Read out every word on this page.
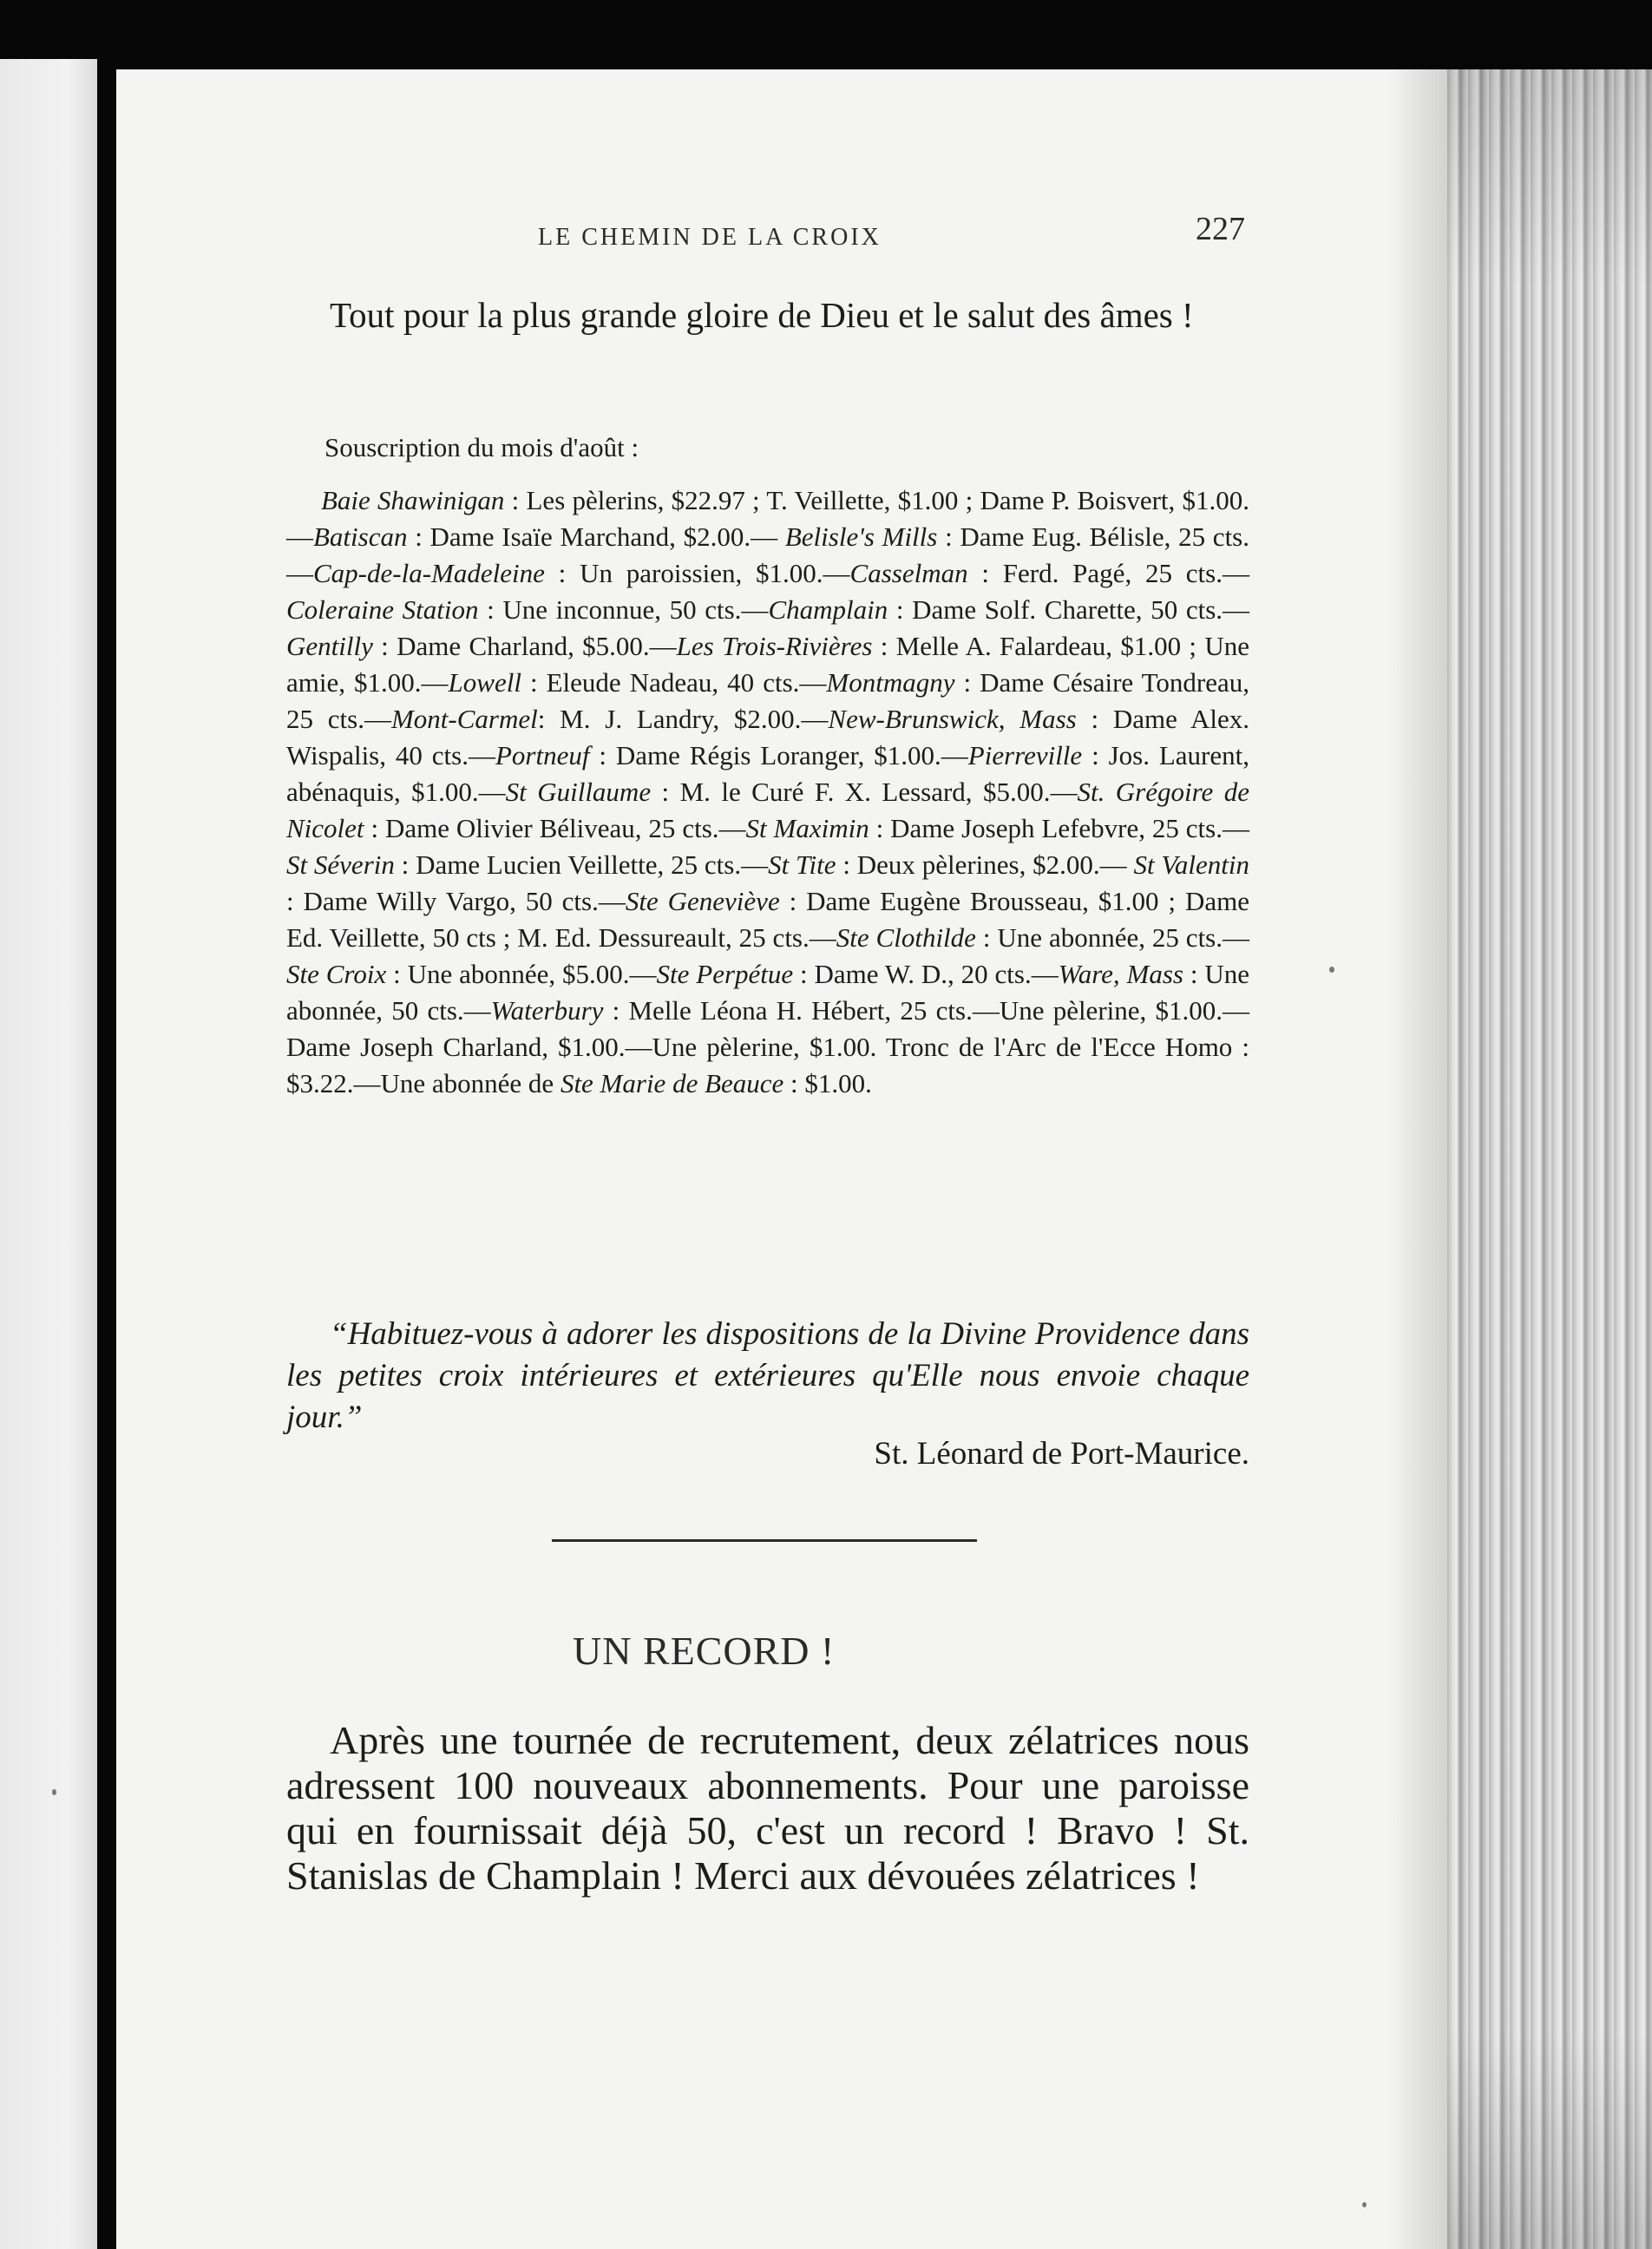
LE CHEMIN DE LA CROIX	227
Tout pour la plus grande gloire de Dieu et le salut des âmes !
Souscription du mois d'août :
Baie Shawinigan : Les pèlerins, $22.97 ; T. Veillette, $1.00 ; Dame P. Boisvert, $1.00.—Batiscan : Dame Isaïe Marchand, $2.00.— Belisle's Mills : Dame Eug. Bélisle, 25 cts.—Cap-de-la-Madeleine : Un paroissien, $1.00.—Casselman : Ferd. Pagé, 25 cts.—Coleraine Station : Une inconnue, 50 cts.—Champlain : Dame Solf. Charette, 50 cts.—Gentilly : Dame Charland, $5.00.—Les Trois-Rivières : Melle A. Falardeau, $1.00 ; Une amie, $1.00.—Lowell : Eleude Nadeau, 40 cts.—Montmagny : Dame Césaire Tondreau, 25 cts.—Mont-Carmel: M. J. Landry, $2.00.—New-Brunswick, Mass : Dame Alex. Wispalis, 40 cts.—Portneuf : Dame Régis Loranger, $1.00.—Pierreville : Jos. Laurent, abénaquis, $1.00.—St Guillaume : M. le Curé F. X. Lessard, $5.00.—St. Grégoire de Nicolet : Dame Olivier Béliveau, 25 cts.—St Maximin : Dame Joseph Lefebvre, 25 cts.—St Séverin : Dame Lucien Veillette, 25 cts.—St Tite : Deux pèlerines, $2.00.— St Valentin : Dame Willy Vargo, 50 cts.—Ste Geneviève : Dame Eugène Brousseau, $1.00 ; Dame Ed. Veillette, 50 cts ; M. Ed. Dessureault, 25 cts.—Ste Clothilde : Une abonnée, 25 cts.—Ste Croix : Une abonnée, $5.00.—Ste Perpétue : Dame W. D., 20 cts.—Ware, Mass : Une abonnée, 50 cts.—Waterbury : Melle Léona H. Hébert, 25 cts.—Une pèlerine, $1.00.—Dame Joseph Charland, $1.00.—Une pèlerine, $1.00. Tronc de l'Arc de l'Ecce Homo : $3.22.—Une abonnée de Ste Marie de Beauce : $1.00.
“Habituez-vous à adorer les dispositions de la Divine Providence dans les petites croix intérieures et extérieures qu'Elle nous envoie chaque jour.”
St. Léonard de Port-Maurice.
UN RECORD !
Après une tournée de recrutement, deux zélatrices nous adressent 100 nouveaux abonnements. Pour une paroisse qui en fournissait déjà 50, c'est un record ! Bravo ! St. Stanislas de Champlain ! Merci aux dévouées zélatrices !
